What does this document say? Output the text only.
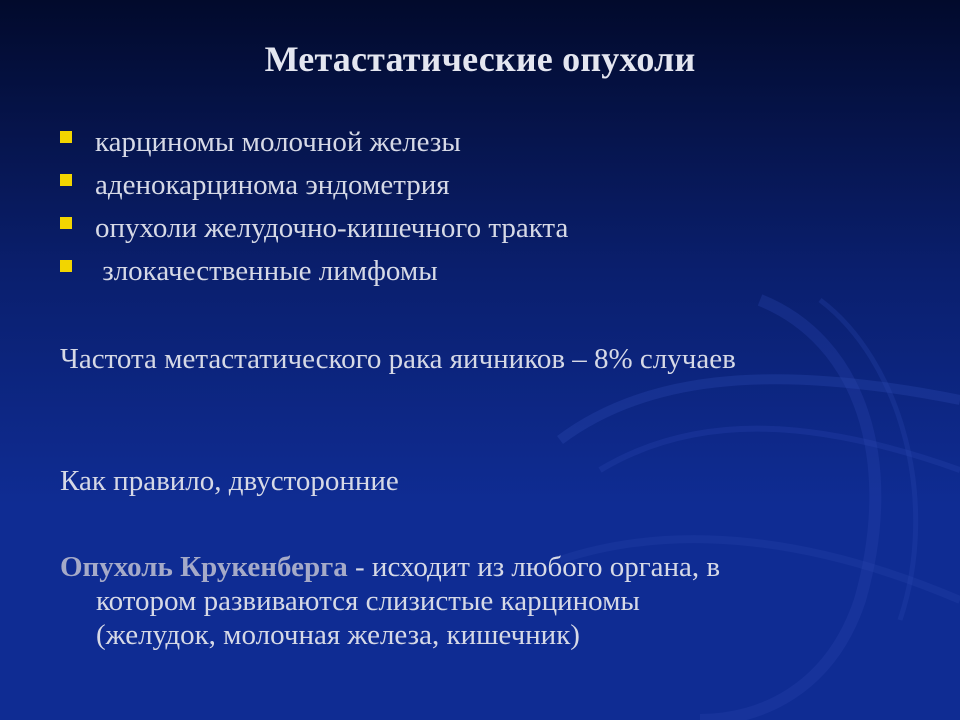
Метастатические опухоли
карциномы молочной железы
аденокарцинома эндометрия
опухоли желудочно-кишечного тракта
злокачественные лимфомы
Частота метастатического рака яичников – 8% случаев
Как правило, двусторонние
Опухоль Крукенберга - исходит из любого органа, в
котором развиваются слизистые карциномы
(желудок, молочная железа, кишечник)
